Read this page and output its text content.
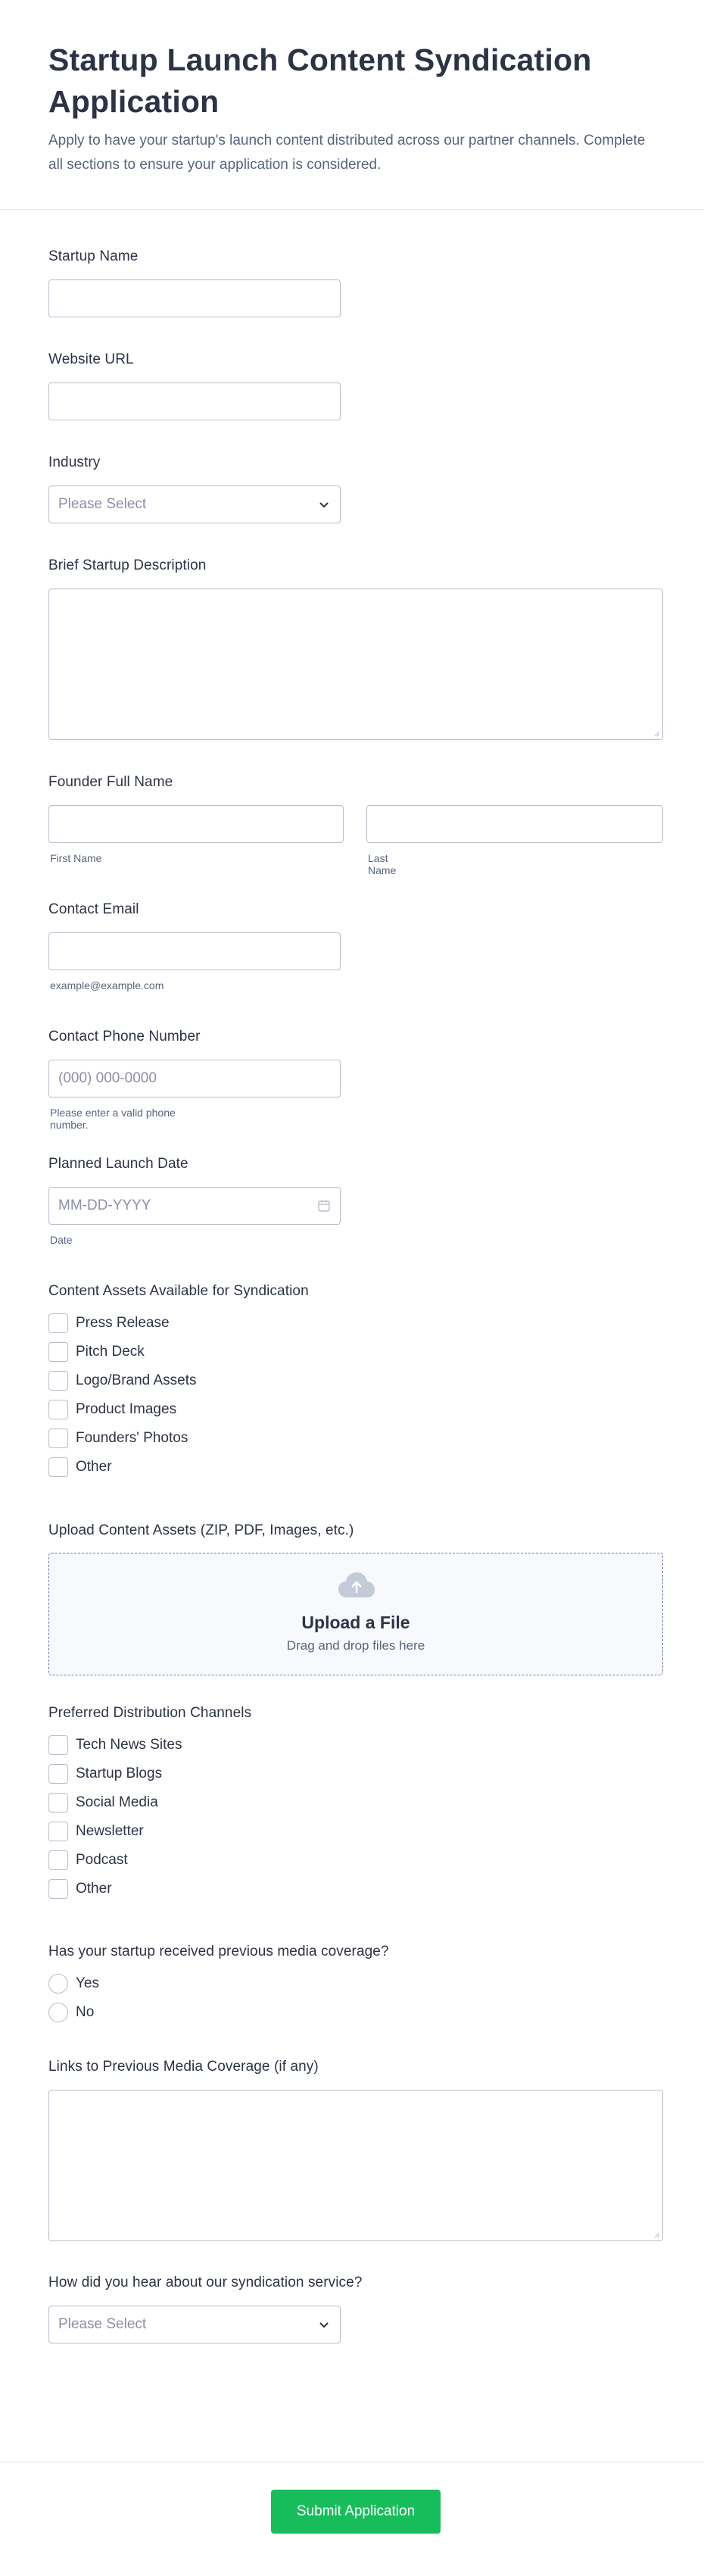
Startup Launch Content Syndication Application

Apply to have your startup's launch content distributed across our partner channels. Complete all sections to ensure your application is considered.

Startup Name
Website URL
Industry
Please Select
Brief Startup Description
Founder Full Name
First Name	Last Name
Contact Email
example@example.com
Contact Phone Number
(000) 000-0000
Please enter a valid phone number.
Planned Launch Date
MM-DD-YYYY
Date
Content Assets Available for Syndication
Press Release
Pitch Deck
Logo/Brand Assets
Product Images
Founders' Photos
Other
Upload Content Assets (ZIP, PDF, Images, etc.)
Upload a File
Drag and drop files here
Preferred Distribution Channels
Tech News Sites
Startup Blogs
Social Media
Newsletter
Podcast
Other
Has your startup received previous media coverage?
Yes
No
Links to Previous Media Coverage (if any)
How did you hear about our syndication service?
Please Select
Submit Application
